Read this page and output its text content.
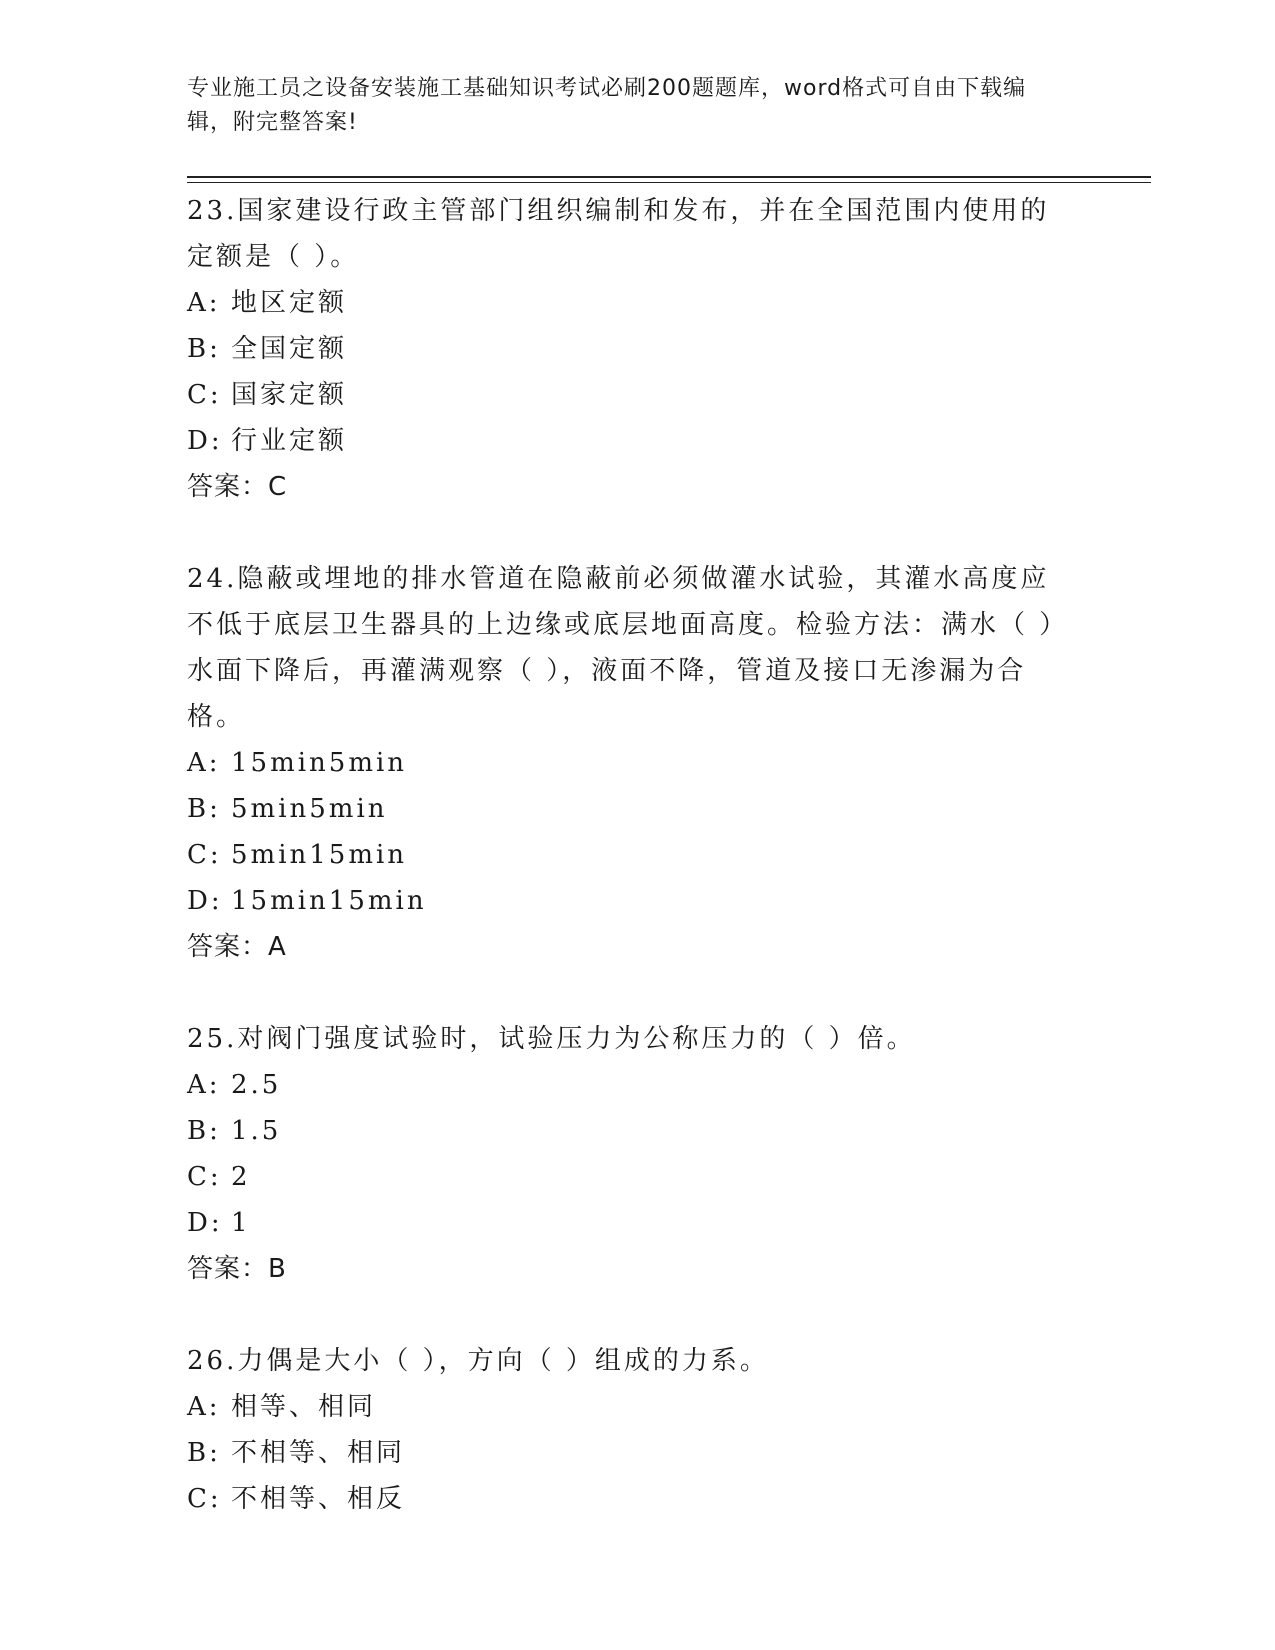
专业施工员之设备安装施工基础知识考试必刷200题题库，word格式可自由下载编辑，附完整答案!
23.国家建设行政主管部门组织编制和发布，并在全国范围内使用的定额是（ ）。
A: 地区定额
B: 全国定额
C: 国家定额
D: 行业定额
答案：C
24.隐蔽或埋地的排水管道在隐蔽前必须做灌水试验，其灌水高度应不低于底层卫生器具的上边缘或底层地面高度。检验方法：满水（ ）水面下降后，再灌满观察（ ），液面不降，管道及接口无渗漏为合格。
A: 15min5min
B: 5min5min
C: 5min15min
D: 15min15min
答案：A
25.对阀门强度试验时，试验压力为公称压力的（ ）倍。
A: 2.5
B: 1.5
C: 2
D: 1
答案：B
26.力偶是大小（ ），方向（ ）组成的力系。
A: 相等、相同
B: 不相等、相同
C: 不相等、相反
